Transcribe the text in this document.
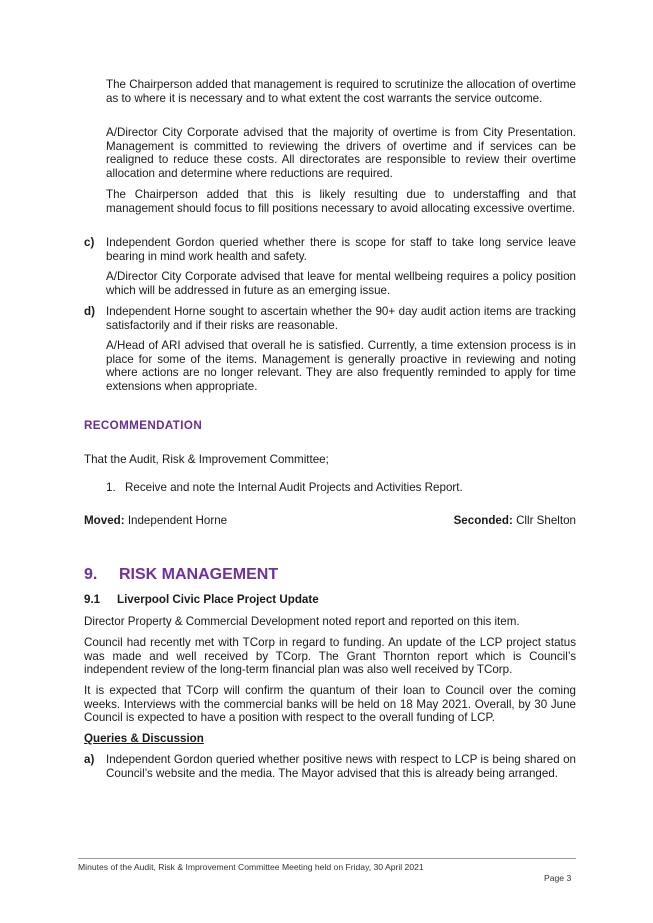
The Chairperson added that management is required to scrutinize the allocation of overtime as to where it is necessary and to what extent the cost warrants the service outcome.

A/Director City Corporate advised that the majority of overtime is from City Presentation. Management is committed to reviewing the drivers of overtime and if services can be realigned to reduce these costs. All directorates are responsible to review their overtime allocation and determine where reductions are required.

The Chairperson added that this is likely resulting due to understaffing and that management should focus to fill positions necessary to avoid allocating excessive overtime.

c) Independent Gordon queried whether there is scope for staff to take long service leave bearing in mind work health and safety.

A/Director City Corporate advised that leave for mental wellbeing requires a policy position which will be addressed in future as an emerging issue.

d) Independent Horne sought to ascertain whether the 90+ day audit action items are tracking satisfactorily and if their risks are reasonable.

A/Head of ARI advised that overall he is satisfied. Currently, a time extension process is in place for some of the items. Management is generally proactive in reviewing and noting where actions are no longer relevant. They are also frequently reminded to apply for time extensions when appropriate.

RECOMMENDATION

That the Audit, Risk & Improvement Committee;

1. Receive and note the Internal Audit Projects and Activities Report.
Moved: Independent Horne	Seconded: Cllr Shelton
9. RISK MANAGEMENT
9.1 Liverpool Civic Place Project Update

Director Property & Commercial Development noted report and reported on this item.

Council had recently met with TCorp in regard to funding. An update of the LCP project status was made and well received by TCorp. The Grant Thornton report which is Council’s independent review of the long-term financial plan was also well received by TCorp.

It is expected that TCorp will confirm the quantum of their loan to Council over the coming weeks. Interviews with the commercial banks will be held on 18 May 2021. Overall, by 30 June Council is expected to have a position with respect to the overall funding of LCP.

Queries & Discussion
a) Independent Gordon queried whether positive news with respect to LCP is being shared on Council’s website and the media. The Mayor advised that this is already being arranged.

Minutes of the Audit, Risk & Improvement Committee Meeting held on Friday, 30 April 2021
Page 3
